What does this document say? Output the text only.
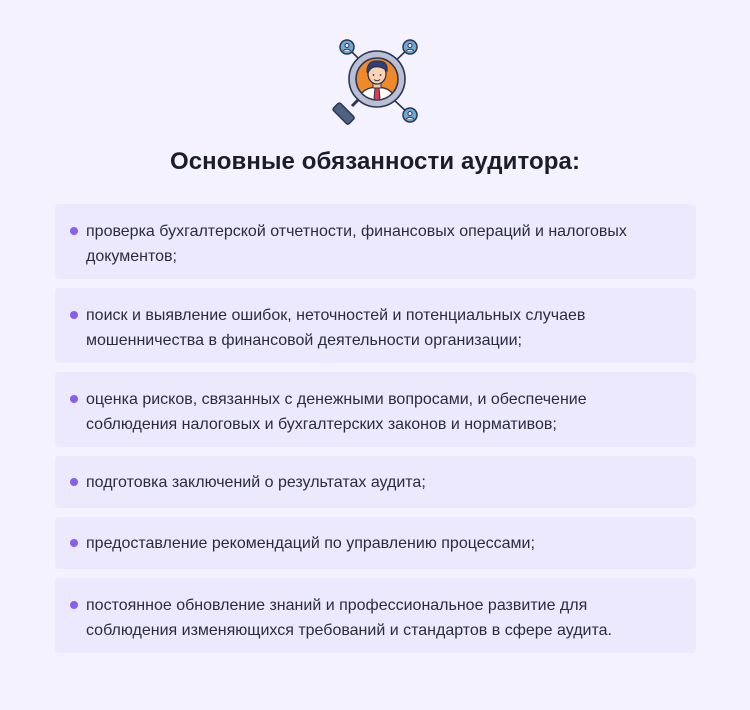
Основные обязанности аудитора:
проверка бухгалтерской отчетности, финансовых операций и налоговых
документов;
поиск и выявление ошибок, неточностей и потенциальных случаев
мошенничества в финансовой деятельности организации;
оценка рисков, связанных с денежными вопросами, и обеспечение
соблюдения налоговых и бухгалтерских законов и нормативов;
подготовка заключений о результатах аудита;
предоставление рекомендаций по управлению процессами;
постоянное обновление знаний и профессиональное развитие для
соблюдения изменяющихся требований и стандартов в сфере аудита.
